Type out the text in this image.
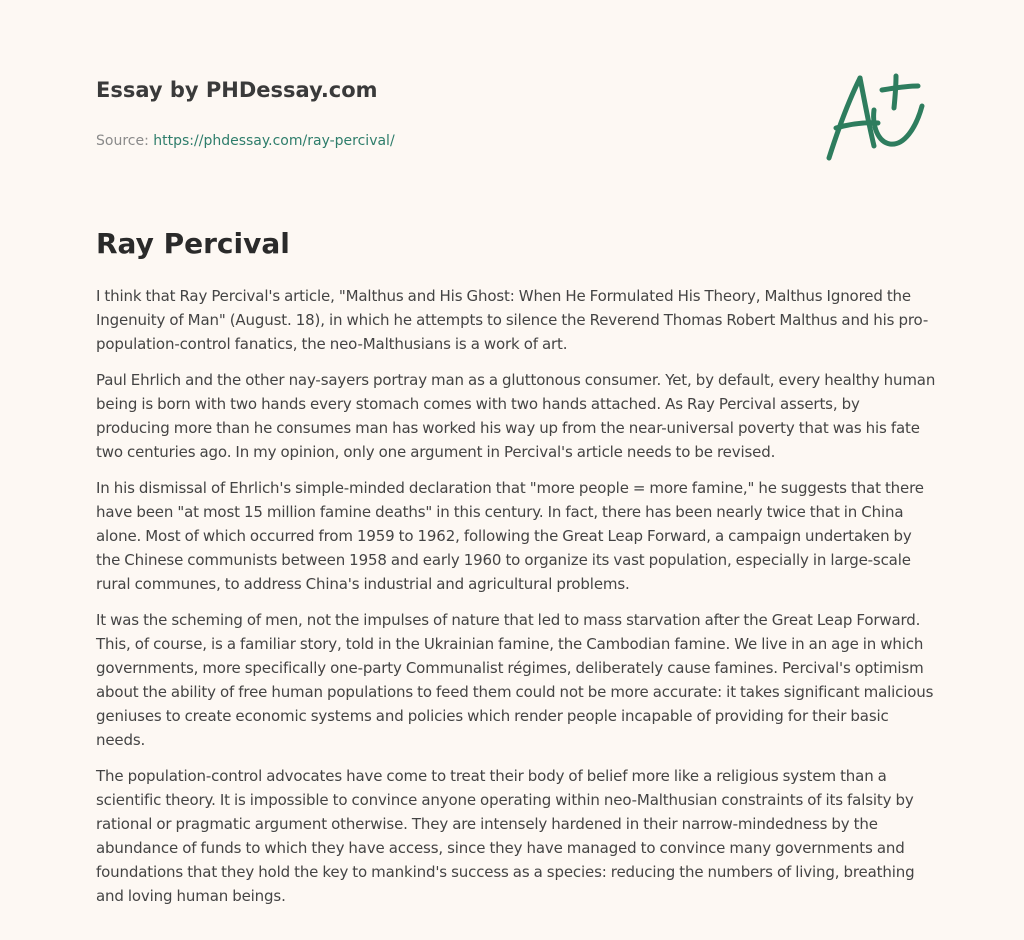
Essay by PHDessay.com
Source: https://phdessay.com/ray-percival/
Ray Percival

I think that Ray Percival's article, "Malthus and His Ghost: When He Formulated His Theory, Malthus Ignored the Ingenuity of Man" (August. 18), in which he attempts to silence the Reverend Thomas Robert Malthus and his pro-population-control fanatics, the neo-Malthusians is a work of art.

Paul Ehrlich and the other nay-sayers portray man as a gluttonous consumer. Yet, by default, every healthy human being is born with two hands every stomach comes with two hands attached. As Ray Percival asserts, by producing more than he consumes man has worked his way up from the near-universal poverty that was his fate two centuries ago. In my opinion, only one argument in Percival's article needs to be revised.

In his dismissal of Ehrlich's simple-minded declaration that "more people = more famine," he suggests that there have been "at most 15 million famine deaths" in this century. In fact, there has been nearly twice that in China alone. Most of which occurred from 1959 to 1962, following the Great Leap Forward, a campaign undertaken by the Chinese communists between 1958 and early 1960 to organize its vast population, especially in large-scale rural communes, to address China's industrial and agricultural problems.

It was the scheming of men, not the impulses of nature that led to mass starvation after the Great Leap Forward. This, of course, is a familiar story, told in the Ukrainian famine, the Cambodian famine. We live in an age in which governments, more specifically one-party Communalist régimes, deliberately cause famines. Percival's optimism about the ability of free human populations to feed them could not be more accurate: it takes significant malicious geniuses to create economic systems and policies which render people incapable of providing for their basic needs.

The population-control advocates have come to treat their body of belief more like a religious system than a scientific theory. It is impossible to convince anyone operating within neo-Malthusian constraints of its falsity by rational or pragmatic argument otherwise. They are intensely hardened in their narrow-mindedness by the abundance of funds to which they have access, since they have managed to convince many governments and foundations that they hold the key to mankind's success as a species: reducing the numbers of living, breathing and loving human beings.
